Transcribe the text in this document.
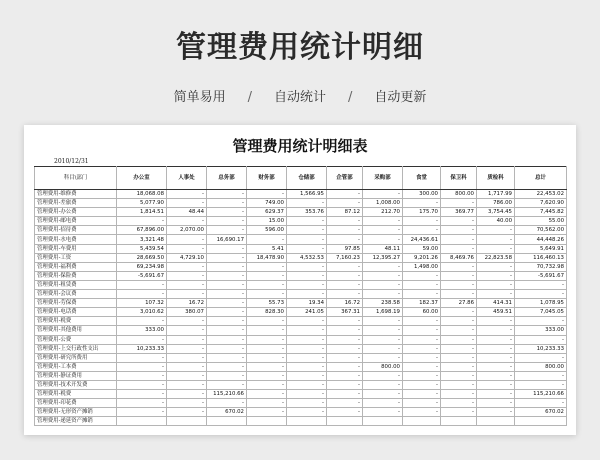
管理费用统计明细
简单易用 / 自动统计 / 自动更新
管理费用统计明细表
2010/12/31
科目\部门	办公室	人事处	总务部	财务部	仓储部	企管部	采购部	食堂	保卫科	质检科	总计
管理费用-维修费	18,068.08	-	-	-	1,566.95	-	-	300.00	800.00	1,717.99	22,453.02
管理费用-差旅费	5,077.90	-	-	749.00	-	-	1,008.00	-	-	786.00	7,620.90
管理费用-办公费	1,814.51	48.44	-	629.37	353.76	87.12	212.70	175.70	369.77	3,754.45	7,445.82
管理费用-邮电费	-	-	-	15.00	-	-	-	-	-	40.00	55.00
管理费用-招待费	67,896.00	2,070.00	-	596.00	-	-	-	-	-	-	70,562.00
管理费用-水电费	3,321.48	-	16,690.17	-	-	-	-	24,436.61	-	-	44,448.26
管理费用-车费用	5,439.54	-	-	5.41	-	97.85	48.11	59.00	-	-	5,649.91
管理费用-工资	28,669.50	4,729.10	-	18,478.90	4,532.53	7,160.23	12,395.27	9,201.26	8,469.76	22,823.58	116,460.13
管理费用-福利费	69,234.98	-	-	-	-	-	-	1,498.00	-	-	70,732.98
管理费用-保险费	-5,691.67	-	-	-	-	-	-	-	-	-	-5,691.67
管理费用-租赁费	-	-	-	-	-	-	-	-	-	-	-
管理费用-会议费	-	-	-	-	-	-	-	-	-	-	-
管理费用-劳保费	107.32	16.72	-	55.73	19.34	16.72	238.58	182.37	27.86	414.31	1,078.95
管理费用-电话费	3,010.62	380.07	-	828.30	241.05	367.31	1,698.19	60.00	-	459.51	7,045.05
管理费用-税费	-	-	-	-	-	-	-	-	-	-	-
管理费用-其他费用	333.00	-	-	-	-	-	-	-	-	-	333.00
管理费用-公费	-	-	-	-	-	-	-	-	-	-	-
管理费用-上交行政性支出	10,233.33	-	-	-	-	-	-	-	-	-	10,233.33
管理费用-研究所费用	-	-	-	-	-	-	-	-	-	-	-
管理费用-工本费	-	-	-	-	-	-	800.00	-	-	-	800.00
管理费用-静证费用	-	-	-	-	-	-	-	-	-	-	-
管理费用-技术开发费	-	-	-	-	-	-	-	-	-	-	-
管理费用-税费	-	-	115,210.66	-	-	-	-	-	-	-	115,210.66
管理费用-印花费	-	-	-	-	-	-	-	-	-	-	-
管理费用-无形资产摊销	-	-	670.02	-	-	-	-	-	-	-	670.02
管理费用-递延资产摊销											
